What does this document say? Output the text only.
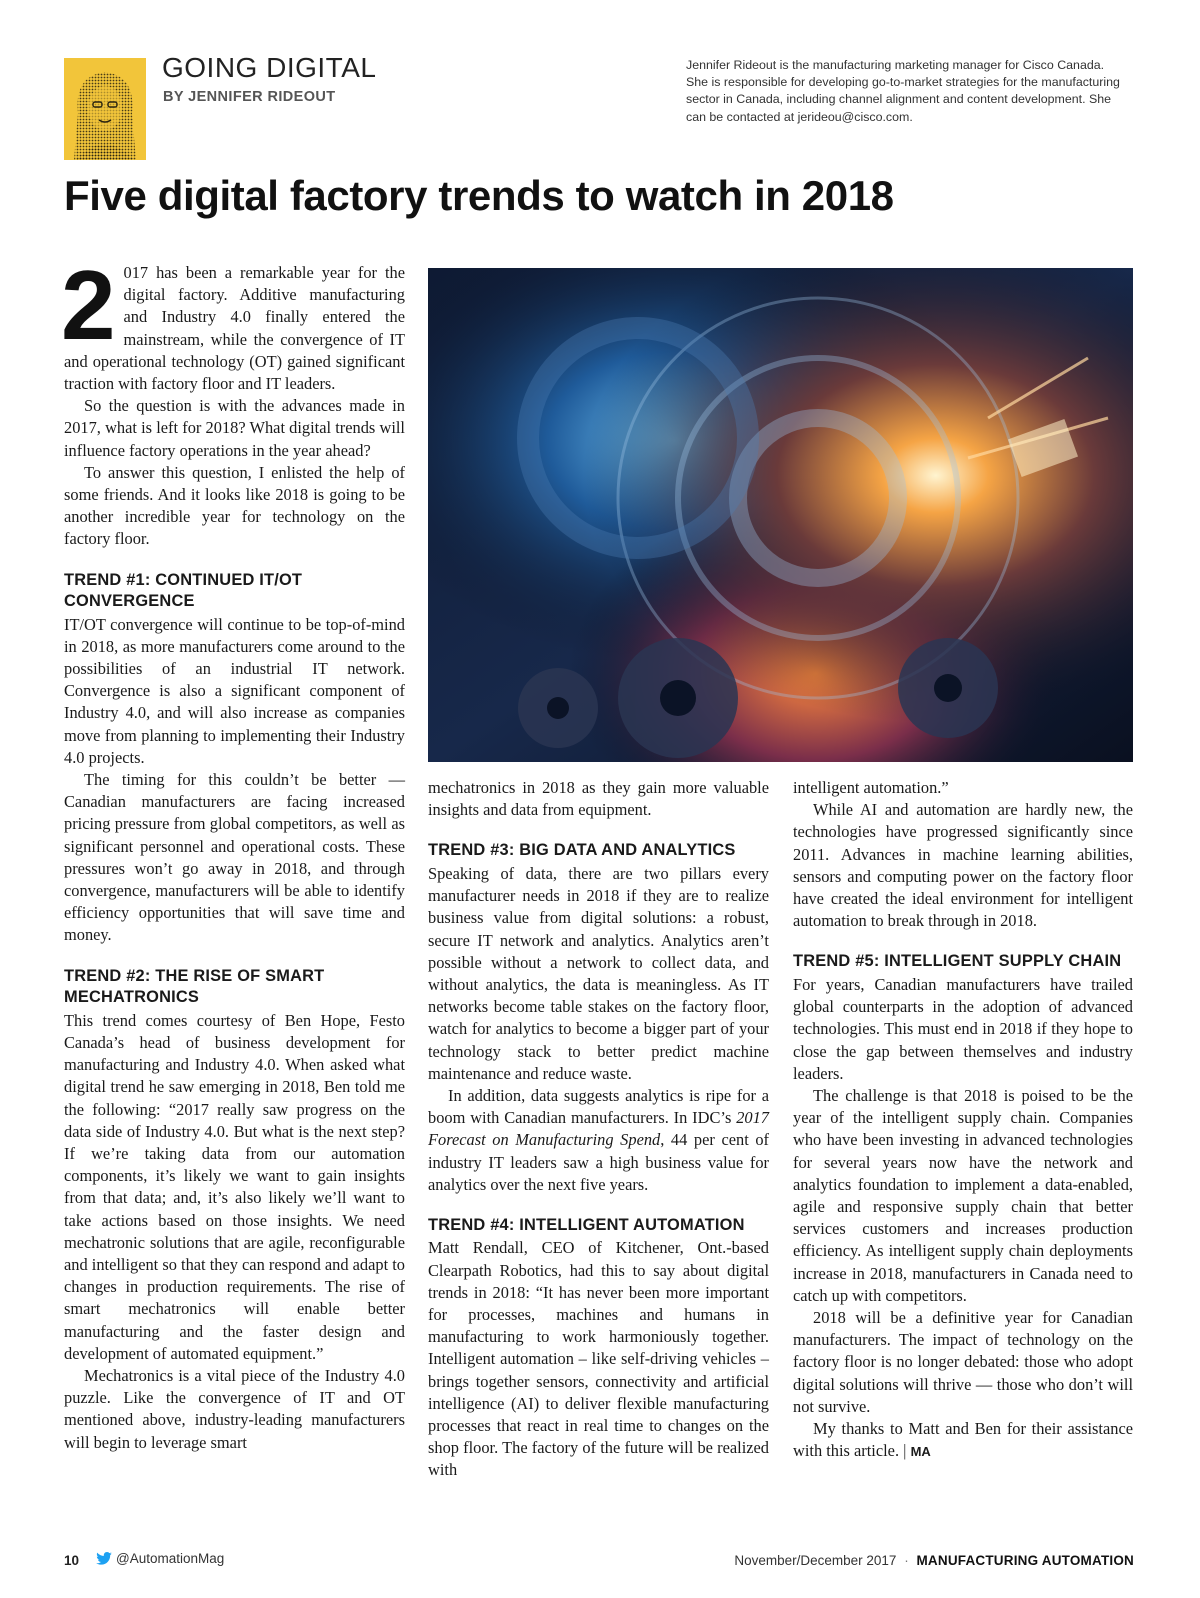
GOING DIGITAL
BY JENNIFER RIDEOUT
Jennifer Rideout is the manufacturing marketing manager for Cisco Canada. She is responsible for developing go-to-market strategies for the manufacturing sector in Canada, including channel alignment and content development. She can be contacted at jerideou@cisco.com.
Five digital factory trends to watch in 2018

2 017 has been a remarkable year for the digital factory. Additive manufacturing and Industry 4.0 finally entered the mainstream, while the convergence of IT and operational technology (OT) gained significant traction with factory floor and IT leaders.

So the question is with the advances made in 2017, what is left for 2018? What digital trends will influence factory operations in the year ahead?

To answer this question, I enlisted the help of some friends. And it looks like 2018 is going to be another incredible year for technology on the factory floor.

TREND #1: CONTINUED IT/OT CONVERGENCE

IT/OT convergence will continue to be top-of-mind in 2018, as more manufacturers come around to the possibilities of an industrial IT network. Convergence is also a significant component of Industry 4.0, and will also increase as companies move from planning to implementing their Industry 4.0 projects.

The timing for this couldn’t be better — Canadian manufacturers are facing increased pricing pressure from global competitors, as well as significant personnel and operational costs. These pressures won’t go away in 2018, and through convergence, manufacturers will be able to identify efficiency opportunities that will save time and money.

TREND #2: THE RISE OF SMART MECHATRONICS

This trend comes courtesy of Ben Hope, Festo Canada’s head of business development for manufacturing and Industry 4.0. When asked what digital trend he saw emerging in 2018, Ben told me the following: “2017 really saw progress on the data side of Industry 4.0. But what is the next step? If we’re taking data from our automation components, it’s likely we want to gain insights from that data; and, it’s also likely we’ll want to take actions based on those insights. We need mechatronic solutions that are agile, reconfigurable and intelligent so that they can respond and adapt to changes in production requirements. The rise of smart mechatronics will enable better manufacturing and the faster design and development of automated equipment.”

Mechatronics is a vital piece of the Industry 4.0 puzzle. Like the convergence of IT and OT mentioned above, industry-leading manufacturers will begin to leverage smart

mechatronics in 2018 as they gain more valuable insights and data from equipment.

TREND #3: BIG DATA AND ANALYTICS

Speaking of data, there are two pillars every manufacturer needs in 2018 if they are to realize business value from digital solutions: a robust, secure IT network and analytics. Analytics aren’t possible without a network to collect data, and without analytics, the data is meaningless. As IT networks become table stakes on the factory floor, watch for analytics to become a bigger part of your technology stack to better predict machine maintenance and reduce waste.

In addition, data suggests analytics is ripe for a boom with Canadian manufacturers. In IDC’s 2017 Forecast on Manufacturing Spend, 44 per cent of industry IT leaders saw a high business value for analytics over the next five years.

TREND #4: INTELLIGENT AUTOMATION

Matt Rendall, CEO of Kitchener, Ont.-based Clearpath Robotics, had this to say about digital trends in 2018: “It has never been more important for processes, machines and humans in manufacturing to work harmoniously together. Intelligent automation – like self-driving vehicles – brings together sensors, connectivity and artificial intelligence (AI) to deliver flexible manufacturing processes that react in real time to changes on the shop floor. The factory of the future will be realized with

intelligent automation.”

While AI and automation are hardly new, the technologies have progressed significantly since 2011. Advances in machine learning abilities, sensors and computing power on the factory floor have created the ideal environment for intelligent automation to break through in 2018.

TREND #5: INTELLIGENT SUPPLY CHAIN

For years, Canadian manufacturers have trailed global counterparts in the adoption of advanced technologies. This must end in 2018 if they hope to close the gap between themselves and industry leaders.

The challenge is that 2018 is poised to be the year of the intelligent supply chain. Companies who have been investing in advanced technologies for several years now have the network and analytics foundation to implement a data-enabled, agile and responsive supply chain that better services customers and increases production efficiency. As intelligent supply chain deployments increase in 2018, manufacturers in Canada need to catch up with competitors.

2018 will be a definitive year for Canadian manufacturers. The impact of technology on the factory floor is no longer debated: those who adopt digital solutions will thrive — those who don’t will not survive.

My thanks to Matt and Ben for their assistance with this article. | MA

10	@AutomationMag	November/December 2017 · MANUFACTURING AUTOMATION
